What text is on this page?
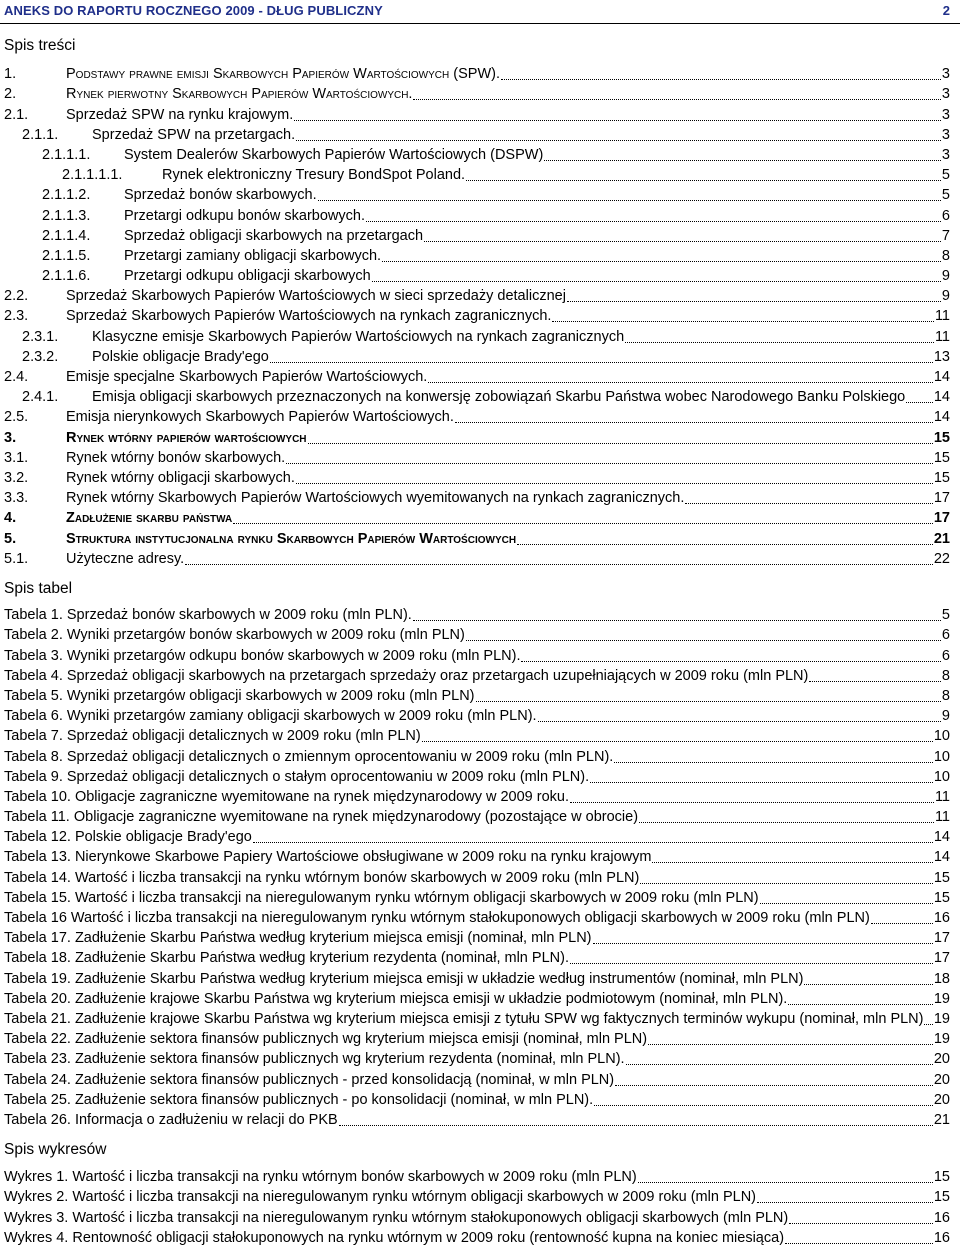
ANEKS DO RAPORTU ROCZNEGO 2009 - DŁUG PUBLICZNY	2
Spis treści
1.	Podstawy prawne emisji Skarbowych Papierów Wartościowych (SPW).	3
2.	Rynek pierwotny Skarbowych Papierów Wartościowych.	3
2.1.	Sprzedaż SPW na rynku krajowym.	3
2.1.1.	Sprzedaż SPW na przetargach.	3
2.1.1.1.	System Dealerów Skarbowych Papierów Wartościowych (DSPW)	3
2.1.1.1.1.	Rynek elektroniczny Tresury BondSpot Poland.	5
2.1.1.2.	Sprzedaż bonów skarbowych.	5
2.1.1.3.	Przetargi odkupu bonów skarbowych.	6
2.1.1.4.	Sprzedaż obligacji skarbowych na przetargach	7
2.1.1.5.	Przetargi zamiany obligacji skarbowych.	8
2.1.1.6.	Przetargi odkupu obligacji skarbowych	9
2.2.	Sprzedaż Skarbowych Papierów Wartościowych w sieci sprzedaży detalicznej	9
2.3.	Sprzedaż Skarbowych Papierów Wartościowych na rynkach zagranicznych.	11
2.3.1.	Klasyczne emisje Skarbowych Papierów Wartościowych na rynkach zagranicznych	11
2.3.2.	Polskie obligacje Brady'ego	13
2.4.	Emisje specjalne Skarbowych Papierów Wartościowych.	14
2.4.1.	Emisja obligacji skarbowych przeznaczonych na konwersję zobowiązań Skarbu Państwa wobec Narodowego Banku Polskiego 14
2.5.	Emisja nierynkowych Skarbowych Papierów Wartościowych.	14
3.	Rynek wtórny papierów wartościowych	15
3.1.	Rynek wtórny bonów skarbowych.	15
3.2.	Rynek wtórny obligacji skarbowych.	15
3.3.	Rynek wtórny Skarbowych Papierów Wartościowych wyemitowanych na rynkach zagranicznych.	17
4.	Zadłużenie skarbu państwa	17
5.	Struktura instytucjonalna rynku Skarbowych Papierów Wartościowych	21
5.1.	Użyteczne adresy.	22
Spis tabel
Tabela 1. Sprzedaż bonów skarbowych w 2009 roku (mln PLN).	5
Tabela 2. Wyniki przetargów bonów skarbowych w 2009 roku (mln PLN)	6
Tabela 3. Wyniki przetargów odkupu bonów skarbowych w 2009 roku (mln PLN).	6
Tabela 4. Sprzedaż obligacji skarbowych na przetargach sprzedaży oraz przetargach uzupełniających w 2009 roku (mln PLN)	8
Tabela 5. Wyniki przetargów obligacji skarbowych w 2009 roku (mln PLN)	8
Tabela 6. Wyniki przetargów zamiany obligacji skarbowych w 2009 roku (mln PLN).	9
Tabela 7. Sprzedaż obligacji detalicznych w 2009 roku (mln PLN)	10
Tabela 8. Sprzedaż obligacji detalicznych o zmiennym oprocentowaniu w 2009 roku (mln PLN).	10
Tabela 9. Sprzedaż obligacji detalicznych o stałym oprocentowaniu w 2009 roku (mln PLN).	10
Tabela 10. Obligacje zagraniczne wyemitowane na rynek międzynarodowy w 2009 roku.	11
Tabela 11. Obligacje zagraniczne wyemitowane na rynek międzynarodowy (pozostające w obrocie)	11
Tabela 12. Polskie obligacje Brady'ego	14
Tabela 13. Nierynkowe Skarbowe Papiery Wartościowe obsługiwane w 2009 roku na rynku krajowym	14
Tabela 14. Wartość i liczba transakcji na rynku wtórnym bonów skarbowych w 2009 roku (mln PLN)	15
Tabela 15. Wartość i liczba transakcji na nieregulowanym rynku wtórnym obligacji skarbowych w 2009 roku (mln PLN)	15
Tabela 16 Wartość i liczba transakcji na nieregulowanym rynku wtórnym stałokuponowych obligacji skarbowych w 2009 roku (mln PLN)	16
Tabela 17. Zadłużenie Skarbu Państwa według kryterium miejsca emisji (nominał, mln PLN)	17
Tabela 18. Zadłużenie Skarbu Państwa według kryterium rezydenta (nominał, mln PLN).	17
Tabela 19. Zadłużenie Skarbu Państwa według kryterium miejsca emisji w układzie według instrumentów (nominał, mln PLN)	18
Tabela 20. Zadłużenie krajowe Skarbu Państwa wg kryterium miejsca emisji w układzie podmiotowym (nominał, mln PLN).	19
Tabela 21. Zadłużenie krajowe Skarbu Państwa wg kryterium miejsca emisji z tytułu SPW wg faktycznych terminów wykupu (nominał, mln PLN) 19
Tabela 22. Zadłużenie sektora finansów publicznych wg kryterium miejsca emisji (nominał, mln PLN)	19
Tabela 23. Zadłużenie sektora finansów publicznych wg kryterium rezydenta (nominał, mln PLN).	20
Tabela 24. Zadłużenie sektora finansów publicznych - przed konsolidacją (nominał, w mln PLN)	20
Tabela 25. Zadłużenie sektora finansów publicznych - po konsolidacji (nominał, w mln PLN).	20
Tabela 26. Informacja o zadłużeniu w relacji do PKB	21
Spis wykresów
Wykres 1. Wartość i liczba transakcji na rynku wtórnym bonów skarbowych w 2009 roku (mln PLN)	15
Wykres 2. Wartość i liczba transakcji na nieregulowanym rynku wtórnym obligacji skarbowych w 2009 roku (mln PLN)	15
Wykres 3. Wartość i liczba transakcji na nieregulowanym rynku wtórnym stałokuponowych obligacji skarbowych (mln PLN)	16
Wykres 4. Rentowność obligacji stałokuponowych na rynku wtórnym w 2009 roku (rentowność kupna na koniec miesiąca)	16
